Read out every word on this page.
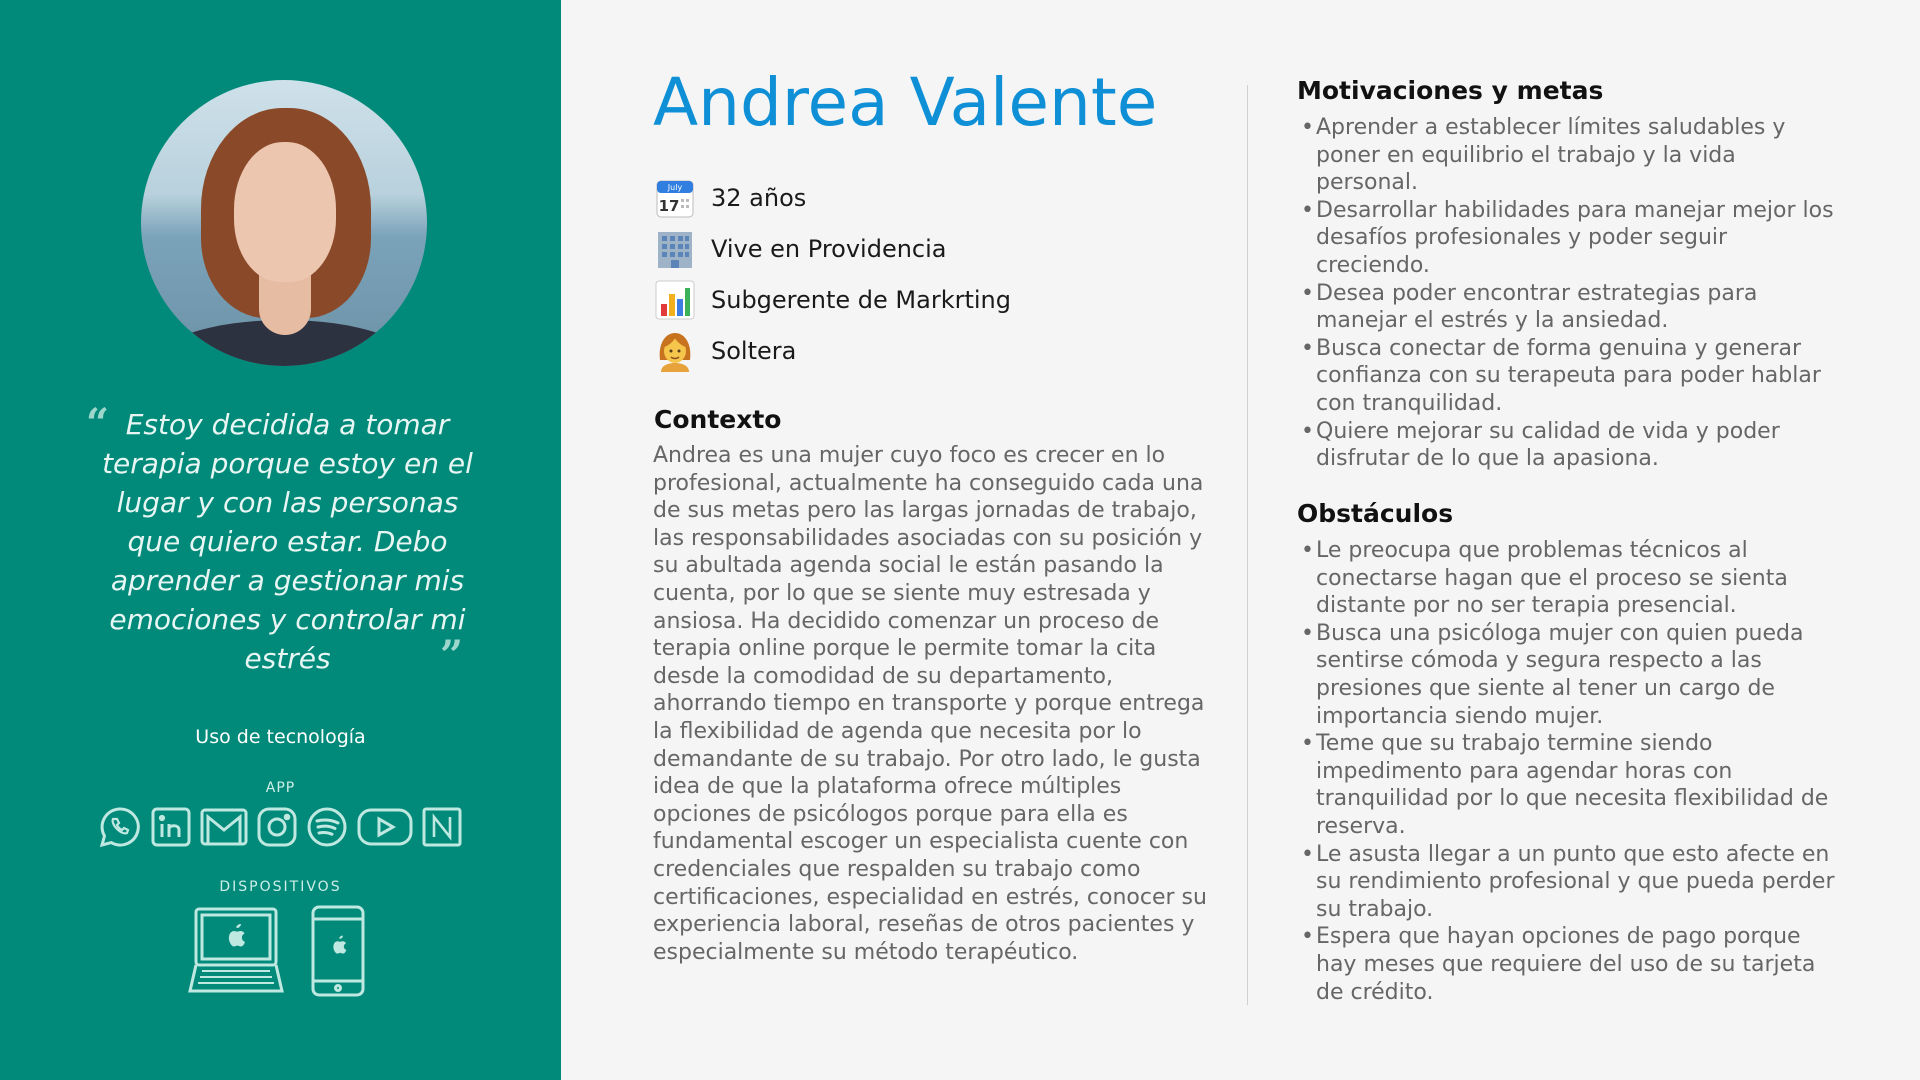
“ Estoy decidida a tomar terapia porque estoy en el lugar y con las personas que quiero estar. Debo aprender a gestionar mis emociones y controlar mi estrés	”
Uso de tecnología
APP
DISPOSITIVOS
Andrea Valente
July
17 32 años
Vive en Providencia
Subgerente de Markrting
Soltera
Contexto
Andrea es una mujer cuyo foco es crecer en lo profesional, actualmente ha conseguido cada una de sus metas pero las largas jornadas de trabajo, las responsabilidades asociadas con su posición y su abultada agenda social le están pasando la cuenta, por lo que se siente muy estresada y ansiosa. Ha decidido comenzar un proceso de terapia online porque le permite tomar la cita desde la comodidad de su departamento, ahorrando tiempo en transporte y porque entrega la flexibilidad de agenda que necesita por lo demandante de su trabajo. Por otro lado, le gusta idea de que la plataforma ofrece múltiples opciones de psicólogos porque para ella es fundamental escoger un especialista cuente con credenciales que respalden su trabajo como certificaciones, especialidad en estrés, conocer su experiencia laboral, reseñas de otros pacientes y especialmente su método terapéutico.
Motivaciones y metas
• Aprender a establecer límites saludables y poner en equilibrio el trabajo y la vida personal.
• Desarrollar habilidades para manejar mejor los desafíos profesionales y poder seguir creciendo.
• Desea poder encontrar estrategias para manejar el estrés y la ansiedad.
• Busca conectar de forma genuina y generar confianza con su terapeuta para poder hablar con tranquilidad.
• Quiere mejorar su calidad de vida y poder disfrutar de lo que la apasiona.
Obstáculos
• Le preocupa que problemas técnicos al conectarse hagan que el proceso se sienta distante por no ser terapia presencial.
• Busca una psicóloga mujer con quien pueda sentirse cómoda y segura respecto a las presiones que siente al tener un cargo de importancia siendo mujer.
• Teme que su trabajo termine siendo impedimento para agendar horas con tranquilidad por lo que necesita flexibilidad de reserva.
• Le asusta llegar a un punto que esto afecte en su rendimiento profesional y que pueda perder su trabajo.
• Espera que hayan opciones de pago porque hay meses que requiere del uso de su tarjeta de crédito.
